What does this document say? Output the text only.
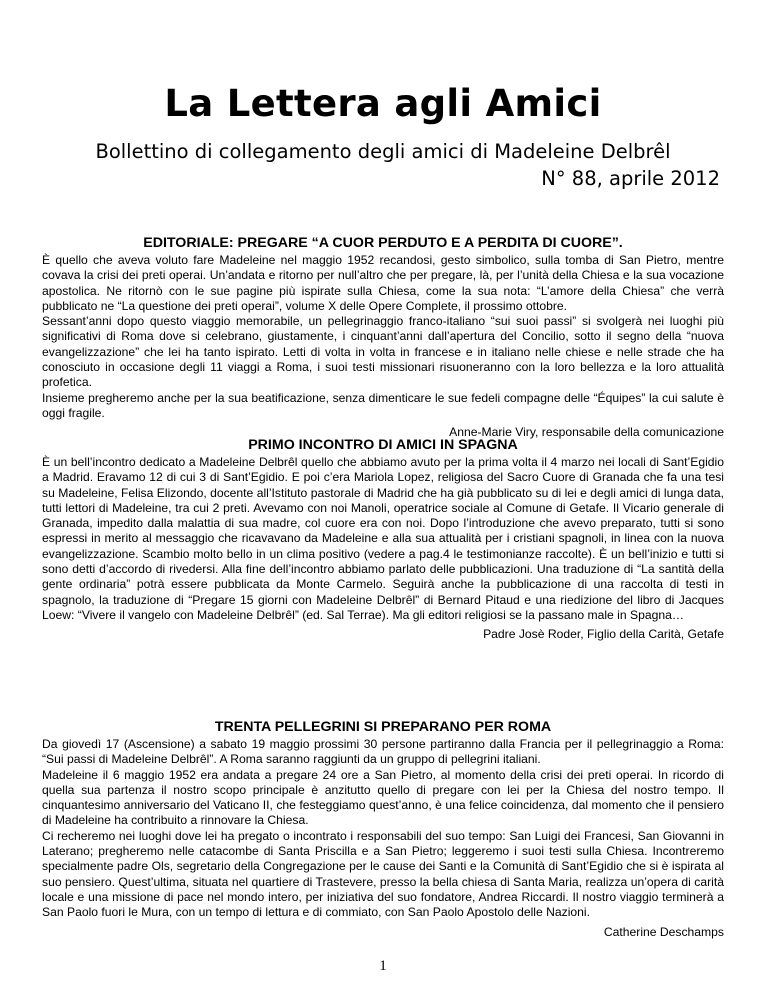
La Lettera agli Amici
Bollettino di collegamento degli amici di Madeleine Delbrêl
N° 88, aprile 2012
EDITORIALE: PREGARE “A CUOR PERDUTO E A PERDITA DI CUORE”.

È quello che aveva voluto fare Madeleine nel maggio 1952 recandosi, gesto simbolico, sulla tomba di San Pietro, mentre covava la crisi dei preti operai. Un’andata e ritorno per null’altro che per pregare, là, per l’unità della Chiesa e la sua vocazione apostolica. Ne ritornò con le sue pagine più ispirate sulla Chiesa, come la sua nota: “L’amore della Chiesa” che verrà pubblicato ne “La questione dei preti operai”, volume X delle Opere Complete, il prossimo ottobre.

Sessant’anni dopo questo viaggio memorabile, un pellegrinaggio franco-italiano “sui suoi passi” si svolgerà nei luoghi più significativi di Roma dove si celebrano, giustamente, i cinquant’anni dall’apertura del Concilio, sotto il segno della “nuova evangelizzazione” che lei ha tanto ispirato. Letti di volta in volta in francese e in italiano nelle chiese e nelle strade che ha conosciuto in occasione degli 11 viaggi a Roma, i suoi testi missionari risuoneranno con la loro bellezza e la loro attualità profetica.

Insieme pregheremo anche per la sua beatificazione, senza dimenticare le sue fedeli compagne delle “Équipes” la cui salute è oggi fragile.

Anne-Marie Viry, responsabile della comunicazione
PRIMO INCONTRO DI AMICI IN SPAGNA

È un bell’incontro dedicato a Madeleine Delbrêl quello che abbiamo avuto per la prima volta il 4 marzo nei locali di Sant’Egidio a Madrid. Eravamo 12 di cui 3 di Sant’Egidio. E poi c’era Mariola Lopez, religiosa del Sacro Cuore di Granada che fa una tesi su Madeleine, Felisa Elizondo, docente all’Istituto pastorale di Madrid che ha già pubblicato su di lei e degli amici di lunga data, tutti lettori di Madeleine, tra cui 2 preti. Avevamo con noi Manoli, operatrice sociale al Comune di Getafe. Il Vicario generale di Granada, impedito dalla malattia di sua madre, col cuore era con noi. Dopo l’introduzione che avevo preparato, tutti si sono espressi in merito al messaggio che ricavavano da Madeleine e alla sua attualità per i cristiani spagnoli, in linea con la nuova evangelizzazione. Scambio molto bello in un clima positivo (vedere a pag.4 le testimonianze raccolte). È un bell’inizio e tutti si sono detti d’accordo di rivedersi. Alla fine dell’incontro abbiamo parlato delle pubblicazioni. Una traduzione di “La santità della gente ordinaria” potrà essere pubblicata da Monte Carmelo. Seguirà anche la pubblicazione di una raccolta di testi in spagnolo, la traduzione di “Pregare 15 giorni con Madeleine Delbrêl” di Bernard Pitaud e una riedizione del libro di Jacques Loew: “Vivere il vangelo con Madeleine Delbrêl” (ed. Sal Terrae). Ma gli editori religiosi se la passano male in Spagna…

Padre Josè Roder, Figlio della Carità, Getafe
TRENTA PELLEGRINI SI PREPARANO PER ROMA

Da giovedì 17 (Ascensione) a sabato 19 maggio prossimi 30 persone partiranno dalla Francia per il pellegrinaggio a Roma: “Sui passi di Madeleine Delbrêl”. A Roma saranno raggiunti da un gruppo di pellegrini italiani.

Madeleine il 6 maggio 1952 era andata a pregare 24 ore a San Pietro, al momento della crisi dei preti operai. In ricordo di quella sua partenza il nostro scopo principale è anzitutto quello di pregare con lei per la Chiesa del nostro tempo. Il cinquantesimo anniversario del Vaticano II, che festeggiamo quest’anno, è una felice coincidenza, dal momento che il pensiero di Madeleine ha contribuito a rinnovare la Chiesa.

Ci recheremo nei luoghi dove lei ha pregato o incontrato i responsabili del suo tempo: San Luigi dei Francesi, San Giovanni in Laterano; pregheremo nelle catacombe di Santa Priscilla e a San Pietro; leggeremo i suoi testi sulla Chiesa. Incontreremo specialmente padre Ols, segretario della Congregazione per le cause dei Santi e la Comunità di Sant’Egidio che si è ispirata al suo pensiero. Quest’ultima, situata nel quartiere di Trastevere, presso la bella chiesa di Santa Maria, realizza un’opera di carità locale e una missione di pace nel mondo intero, per iniziativa del suo fondatore, Andrea Riccardi. Il nostro viaggio terminerà a San Paolo fuori le Mura, con un tempo di lettura e di commiato, con San Paolo Apostolo delle Nazioni.

Catherine Deschamps
1
